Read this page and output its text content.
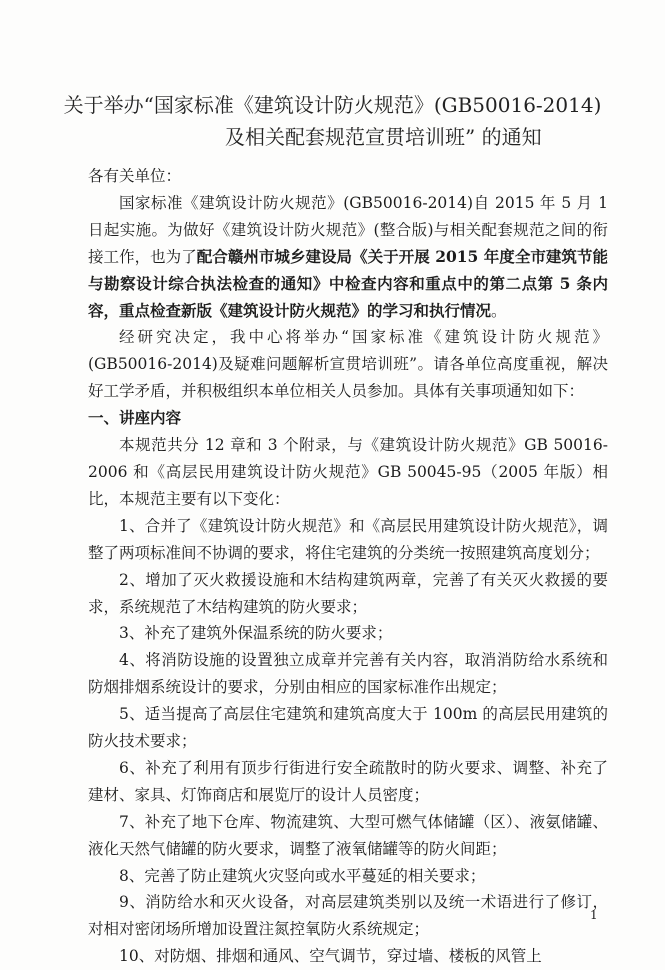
关于举办“国家标准《建筑设计防火规范》(GB50016-2014)
及相关配套规范宣贯培训班” 的通知

各有关单位：

国家标准《建筑设计防火规范》(GB50016-2014)自 2015 年 5 月 1 日起实施。为做好《建筑设计防火规范》(整合版)与相关配套规范之间的衔接工作，也为了配合赣州市城乡建设局《关于开展 2015 年度全市建筑节能与勘察设计综合执法检查的通知》中检查内容和重点中的第二点第 5 条内容，重点检查新版《建筑设计防火规范》的学习和执行情况。

经研究决定，我中心将举办“国家标准《建筑设计防火规范》(GB50016-2014)及疑难问题解析宣贯培训班”。请各单位高度重视，解决好工学矛盾，并积极组织本单位相关人员参加。具体有关事项通知如下：

一、讲座内容

本规范共分 12 章和 3 个附录，与《建筑设计防火规范》GB 50016-2006 和《高层民用建筑设计防火规范》GB 50045-95（2005 年版）相比，本规范主要有以下变化：

1、合并了《建筑设计防火规范》和《高层民用建筑设计防火规范》，调整了两项标准间不协调的要求，将住宅建筑的分类统一按照建筑高度划分；

2、增加了灭火救援设施和木结构建筑两章，完善了有关灭火救援的要求，系统规范了木结构建筑的防火要求；

3、补充了建筑外保温系统的防火要求；

4、将消防设施的设置独立成章并完善有关内容，取消消防给水系统和防烟排烟系统设计的要求，分别由相应的国家标准作出规定；

5、适当提高了高层住宅建筑和建筑高度大于 100m 的高层民用建筑的防火技术要求；

6、补充了利用有顶步行街进行安全疏散时的防火要求、调整、补充了建材、家具、灯饰商店和展览厅的设计人员密度；

7、补充了地下仓库、物流建筑、大型可燃气体储罐（区）、液氨储罐、液化天然气储罐的防火要求，调整了液氧储罐等的防火间距；

8、完善了防止建筑火灾竖向或水平蔓延的相关要求；

9、消防给水和灭火设备，对高层建筑类别以及统一术语进行了修订，对相对密闭场所增加设置注氮控氧防火系统规定；

10、对防烟、排烟和通风、空气调节，穿过墙、楼板的风管上

1
